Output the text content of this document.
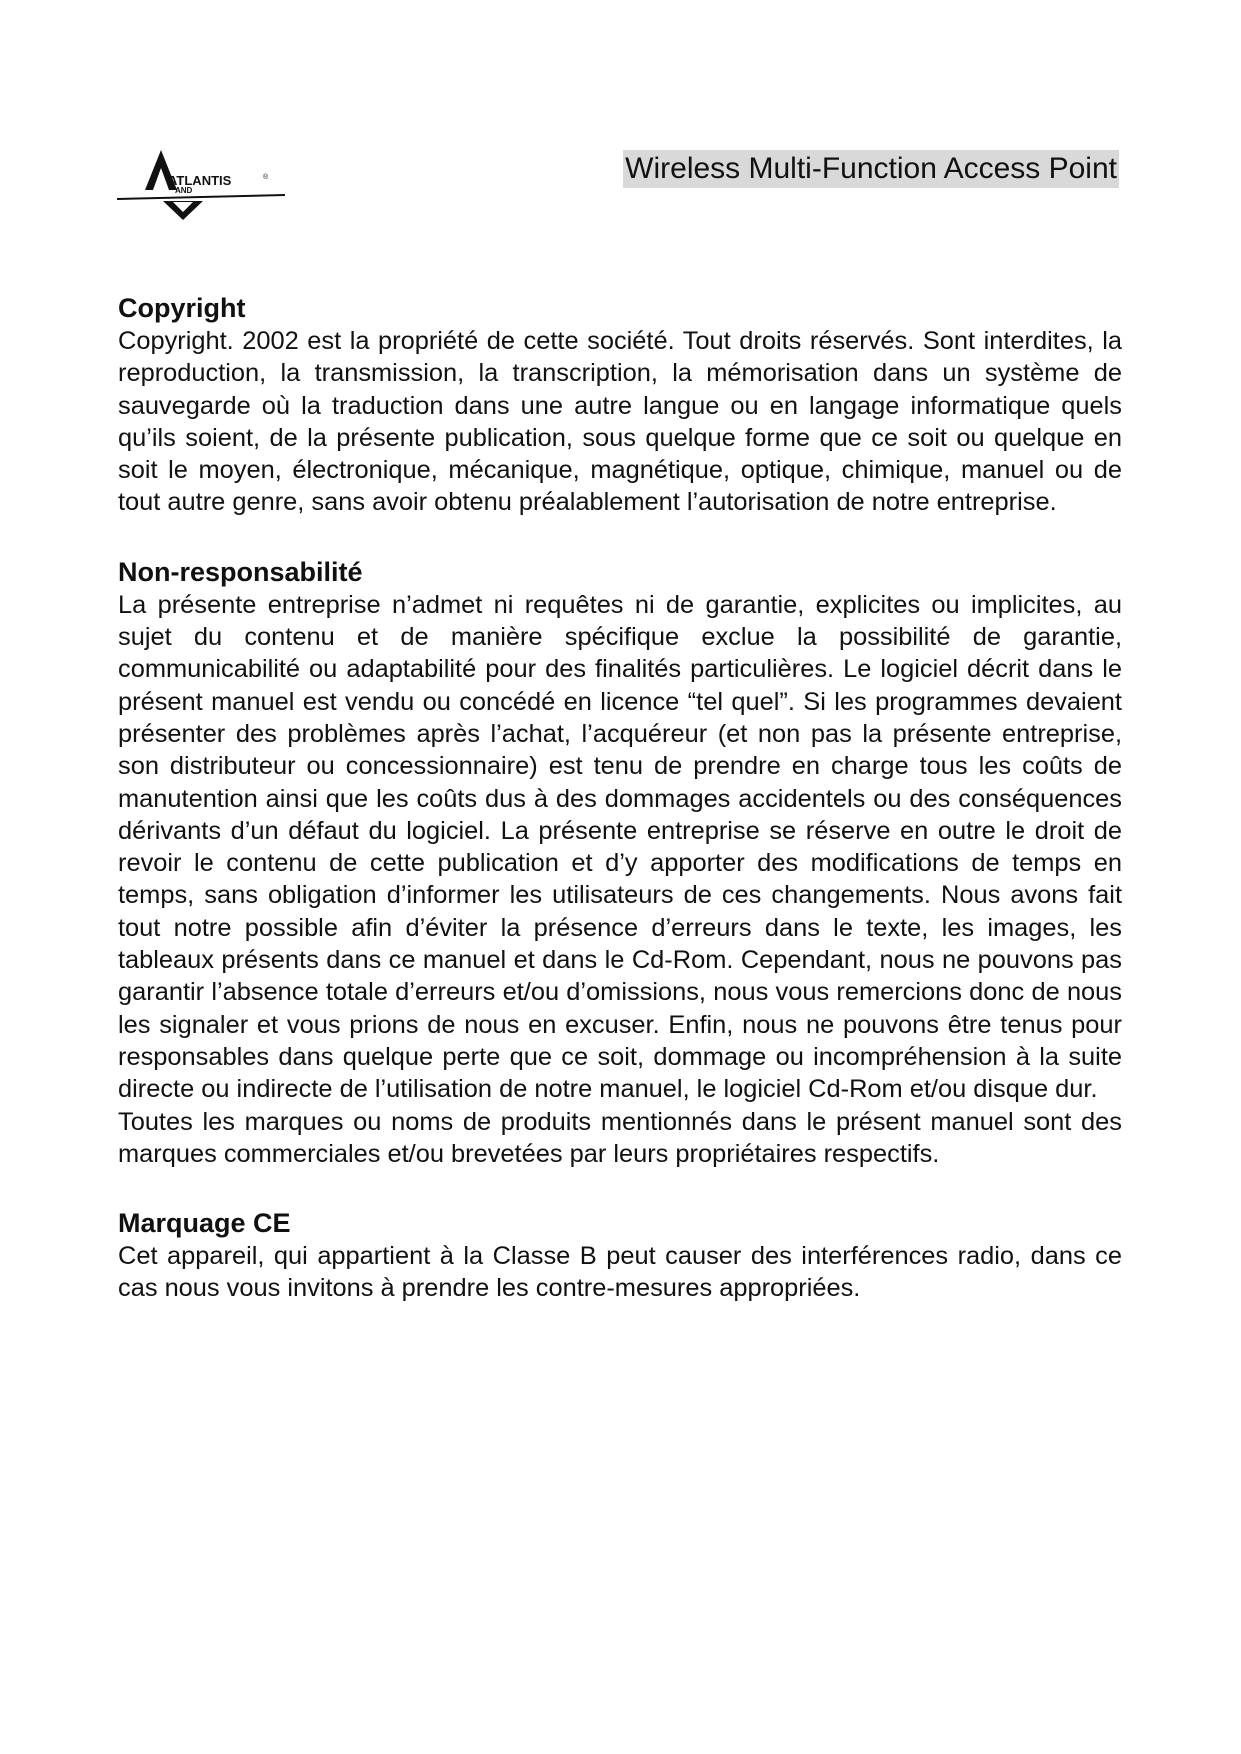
ATLANTIS
AND
®	Wireless Multi-Function Access Point
Copyright

Copyright. 2002 est la propriété de cette société. Tout droits réservés. Sont interdites, la reproduction, la transmission, la transcription, la mémorisation dans un système de sauvegarde où la traduction dans une autre langue ou en langage informatique quels qu’ils soient, de la présente publication, sous quelque forme que ce soit ou quelque en soit le moyen, électronique, mécanique, magnétique, optique, chimique, manuel ou de tout autre genre, sans avoir obtenu préalablement l’autorisation de notre entreprise.

Non-responsabilité

La présente entreprise n’admet ni requêtes ni de garantie, explicites ou implicites, au sujet du contenu et de manière spécifique exclue la possibilité de garantie, communicabilité ou adaptabilité pour des finalités particulières. Le logiciel décrit dans le présent manuel est vendu ou concédé en licence “tel quel”. Si les programmes devaient présenter des problèmes après l’achat, l’acquéreur (et non pas la présente entreprise, son distributeur ou concessionnaire) est tenu de prendre en charge tous les coûts de manutention ainsi que les coûts dus à des dommages accidentels ou des conséquences dérivants d’un défaut du logiciel. La présente entreprise se réserve en outre le droit de revoir le contenu de cette publication et d’y apporter des modifications de temps en temps, sans obligation d’informer les utilisateurs de ces changements. Nous avons fait tout notre possible afin d’éviter la présence d’erreurs dans le texte, les images, les tableaux présents dans ce manuel et dans le Cd-Rom. Cependant, nous ne pouvons pas garantir l’absence totale d’erreurs et/ou d’omissions, nous vous remercions donc de nous les signaler et vous prions de nous en excuser. Enfin, nous ne pouvons être tenus pour responsables dans quelque perte que ce soit, dommage ou incompréhension à la suite directe ou indirecte de l’utilisation de notre manuel, le logiciel Cd-Rom et/ou disque dur.

Toutes les marques ou noms de produits mentionnés dans le présent manuel sont des marques commerciales et/ou brevetées par leurs propriétaires respectifs.

Marquage CE

Cet appareil, qui appartient à la Classe B peut causer des interférences radio, dans ce cas nous vous invitons à prendre les contre-mesures appropriées.
